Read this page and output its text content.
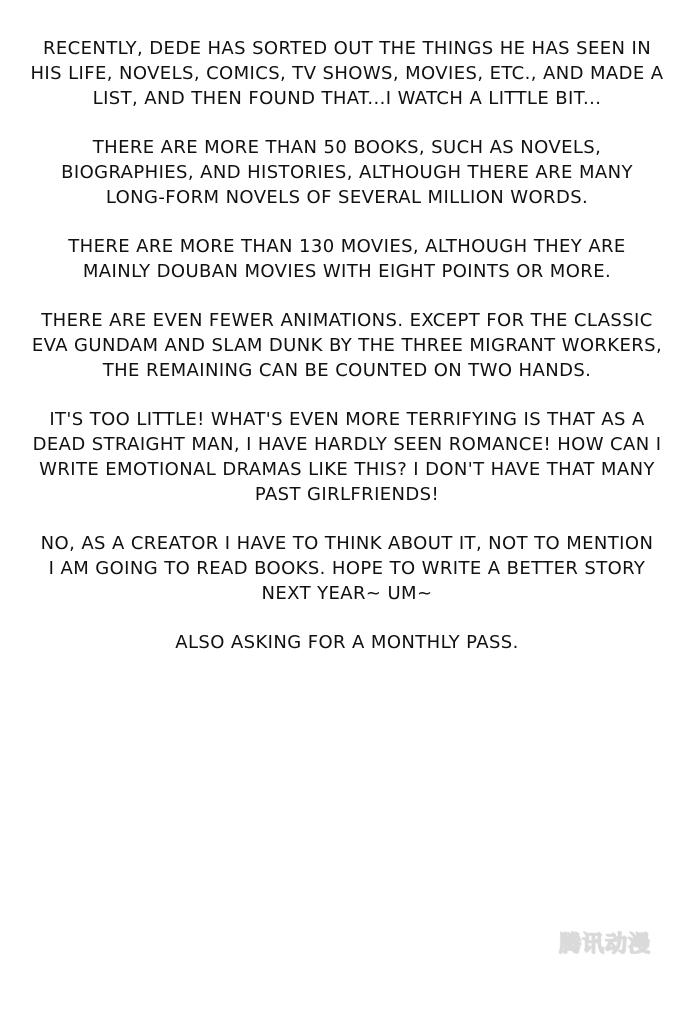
RECENTLY, DEDE HAS SORTED OUT THE THINGS HE HAS SEEN IN
HIS LIFE, NOVELS, COMICS, TV SHOWS, MOVIES, ETC., AND MADE A
LIST, AND THEN FOUND THAT...I WATCH A LITTLE BIT...

THERE ARE MORE THAN 50 BOOKS, SUCH AS NOVELS,
BIOGRAPHIES, AND HISTORIES, ALTHOUGH THERE ARE MANY
LONG-FORM NOVELS OF SEVERAL MILLION WORDS.

THERE ARE MORE THAN 130 MOVIES, ALTHOUGH THEY ARE
MAINLY DOUBAN MOVIES WITH EIGHT POINTS OR MORE.

THERE ARE EVEN FEWER ANIMATIONS. EXCEPT FOR THE CLASSIC
EVA GUNDAM AND SLAM DUNK BY THE THREE MIGRANT WORKERS,
THE REMAINING CAN BE COUNTED ON TWO HANDS.

IT'S TOO LITTLE! WHAT'S EVEN MORE TERRIFYING IS THAT AS A
DEAD STRAIGHT MAN, I HAVE HARDLY SEEN ROMANCE! HOW CAN I
WRITE EMOTIONAL DRAMAS LIKE THIS? I DON'T HAVE THAT MANY
PAST GIRLFRIENDS!

NO, AS A CREATOR I HAVE TO THINK ABOUT IT, NOT TO MENTION
I AM GOING TO READ BOOKS. HOPE TO WRITE A BETTER STORY
NEXT YEAR~ UM~

ALSO ASKING FOR A MONTHLY PASS.

腾讯动漫
